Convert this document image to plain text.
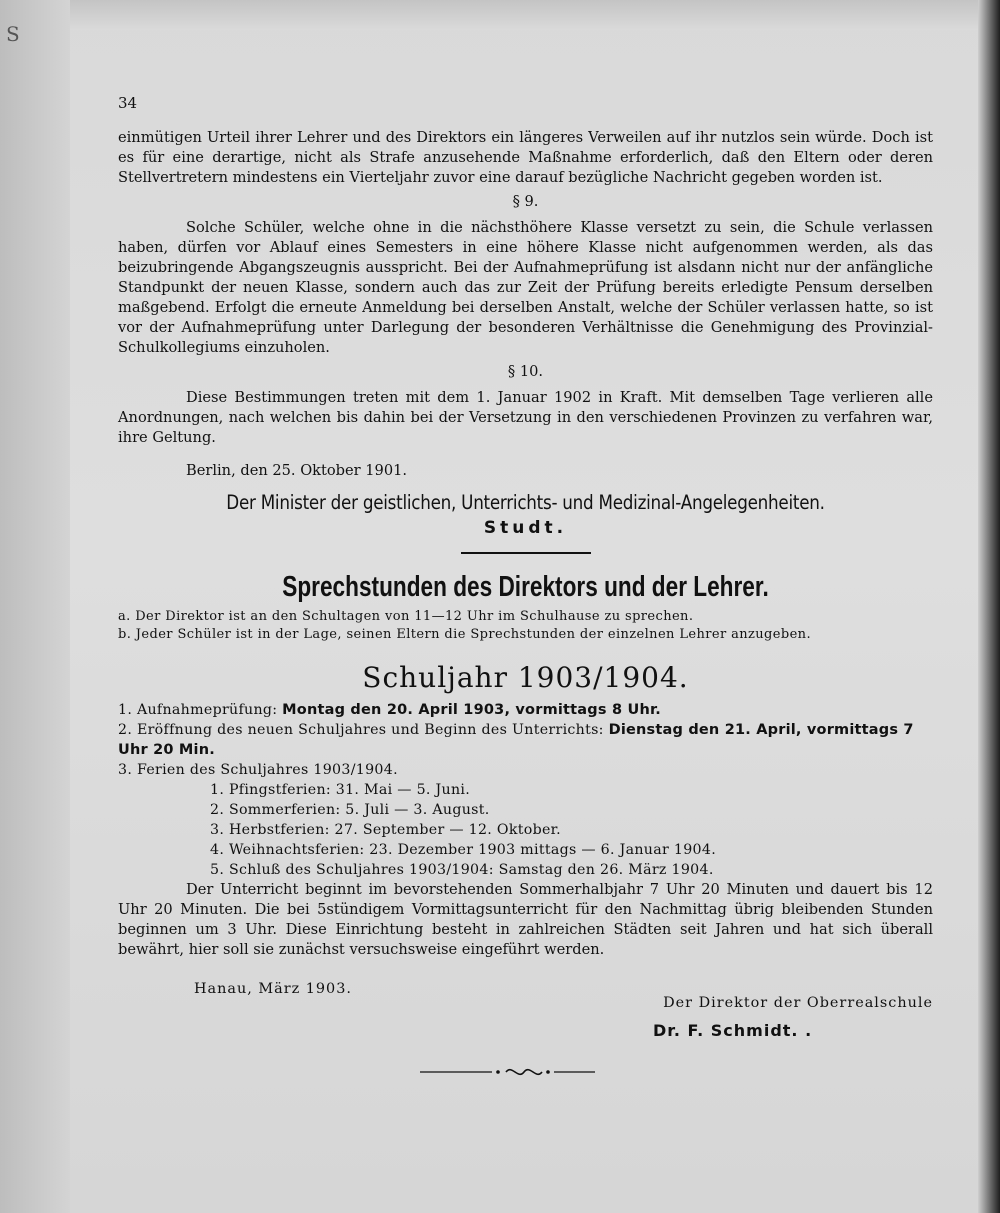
S
34

einmütigen Urteil ihrer Lehrer und des Direktors ein längeres Verweilen auf ihr nutzlos sein würde. Doch ist es für eine derartige, nicht als Strafe anzusehende Maßnahme erforderlich, daß den Eltern oder deren Stellvertretern mindestens ein Vierteljahr zuvor eine darauf bezügliche Nachricht gegeben worden ist.

§ 9.

Solche Schüler, welche ohne in die nächsthöhere Klasse versetzt zu sein, die Schule verlassen haben, dürfen vor Ablauf eines Semesters in eine höhere Klasse nicht aufgenommen werden, als das beizubringende Abgangszeugnis ausspricht. Bei der Aufnahmeprüfung ist alsdann nicht nur der anfängliche Standpunkt der neuen Klasse, sondern auch das zur Zeit der Prüfung bereits erledigte Pensum derselben maßgebend. Erfolgt die erneute Anmeldung bei derselben Anstalt, welche der Schüler verlassen hatte, so ist vor der Aufnahmeprüfung unter Darlegung der besonderen Verhältnisse die Genehmigung des Provinzial-Schulkollegiums einzuholen.

§ 10.

Diese Bestimmungen treten mit dem 1. Januar 1902 in Kraft. Mit demselben Tage verlieren alle Anordnungen, nach welchen bis dahin bei der Versetzung in den verschiedenen Provinzen zu verfahren war, ihre Geltung.

Berlin, den 25. Oktober 1901.
Der Minister der geistlichen, Unterrichts- und Medizinal-Angelegenheiten.
Studt.
Sprechstunden des Direktors und der Lehrer.
a. Der Direktor ist an den Schultagen von 11—12 Uhr im Schulhause zu sprechen.
b. Jeder Schüler ist in der Lage, seinen Eltern die Sprechstunden der einzelnen Lehrer anzugeben.
Schuljahr 1903/1904.
1. Aufnahmeprüfung: Montag den 20. April 1903, vormittags 8 Uhr.
2. Eröffnung des neuen Schuljahres und Beginn des Unterrichts: Dienstag den 21. April, vormittags 7 Uhr 20 Min.
3. Ferien des Schuljahres 1903/1904.
1. Pfingstferien: 31. Mai — 5. Juni.
2. Sommerferien: 5. Juli — 3. August.
3. Herbstferien: 27. September — 12. Oktober.
4. Weihnachtsferien: 23. Dezember 1903 mittags — 6. Januar 1904.
5. Schluß des Schuljahres 1903/1904: Samstag den 26. März 1904.

Der Unterricht beginnt im bevorstehenden Sommerhalbjahr 7 Uhr 20 Minuten und dauert bis 12 Uhr 20 Minuten. Die bei 5stündigem Vormittagsunterricht für den Nachmittag übrig bleibenden Stunden beginnen um 3 Uhr. Diese Einrichtung besteht in zahlreichen Städten seit Jahren und hat sich überall bewährt, hier soll sie zunächst versuchsweise eingeführt werden.

Hanau, März 1903.
Der Direktor der Oberrealschule
Dr. F. Schmidt. .
